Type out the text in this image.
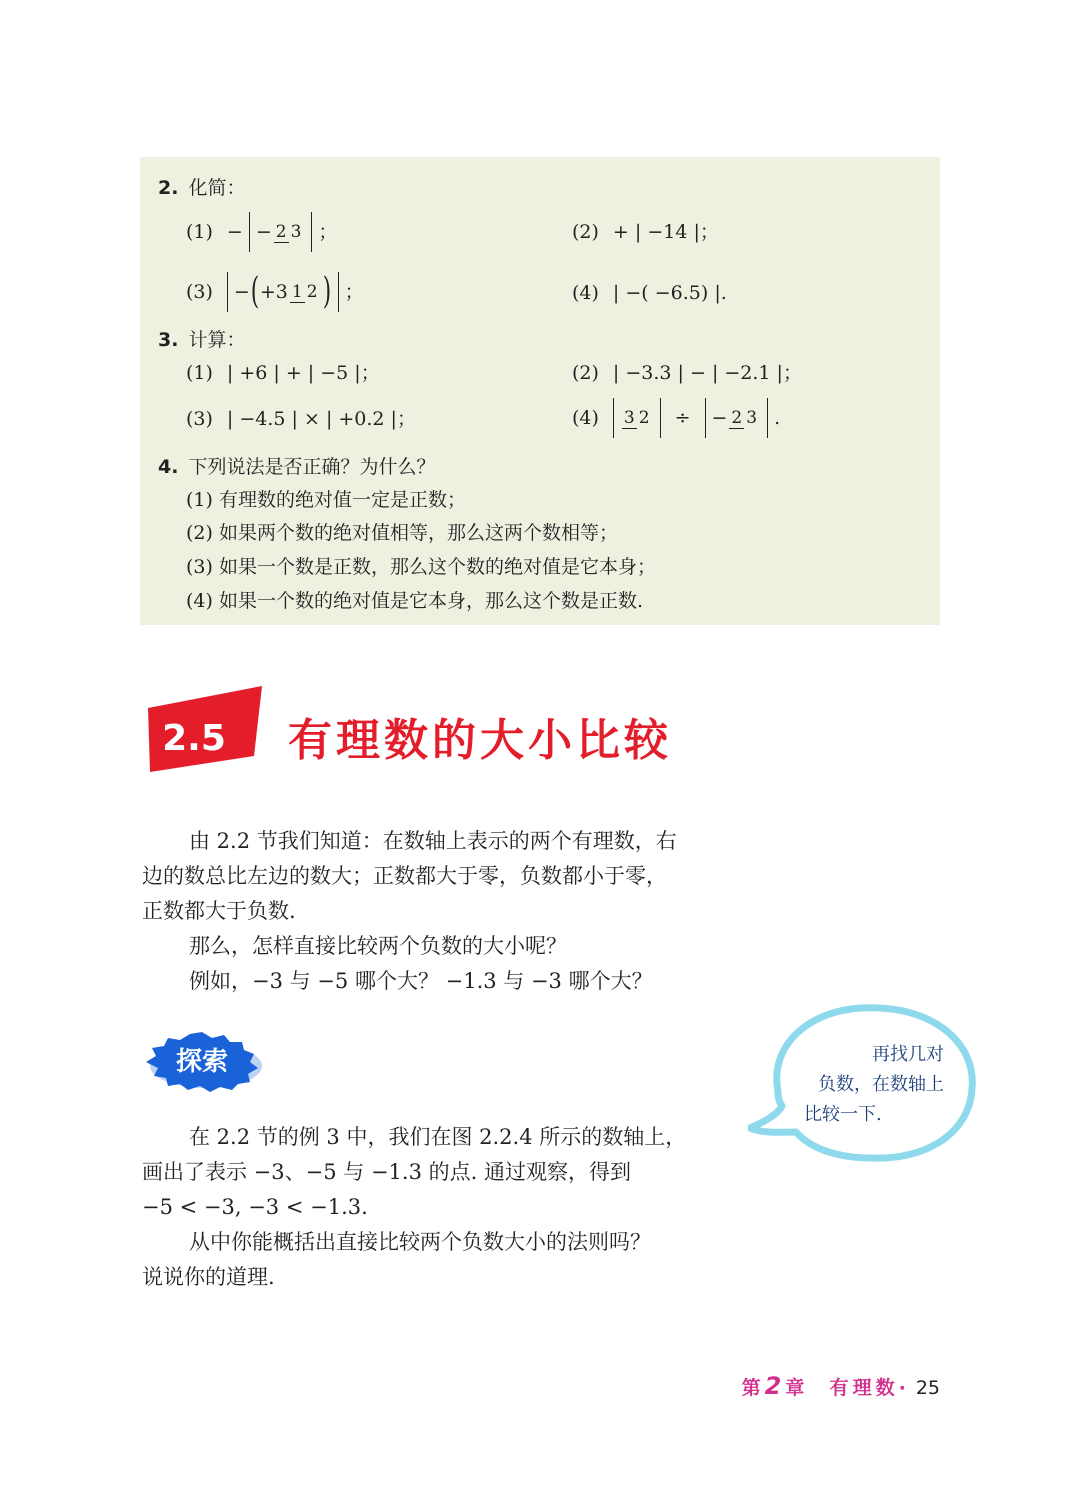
2. 化简：
(1) − − 2 3 ；	(2) + | −14 |；
(3) − ( +3 1 2 ) ；	(4) | −( −6.5) |.
3. 计算：
(1) | +6 | + | −5 |；	(2) | −3.3 | − | −2.1 |；
(3) | −4.5 | × | +0.2 |；	(4) 3 2 ÷ − 2 3 .
4. 下列说法是否正确？为什么？
(1) 有理数的绝对值一定是正数；
(2) 如果两个数的绝对值相等，那么这两个数相等；
(3) 如果一个数是正数，那么这个数的绝对值是它本身；
(4) 如果一个数的绝对值是它本身，那么这个数是正数.
2.5 有理数的大小比较

由 2.2 节我们知道：在数轴上表示的两个有理数，右

边的数总比左边的数大；正数都大于零，负数都小于零，

正数都大于负数.

那么，怎样直接比较两个负数的大小呢？

例如，−3 与 −5 哪个大？ −1.3 与 −3 哪个大？

探索

在 2.2 节的例 3 中，我们在图 2.2.4 所示的数轴上，

画出了表示 −3、−5 与 −1.3 的点. 通过观察，得到

−5 < −3, −3 < −1.3.

从中你能概括出直接比较两个负数大小的法则吗？

说说你的道理.

再找几对
负数，在数轴上
比较一下.
第2章 有理数· 25
